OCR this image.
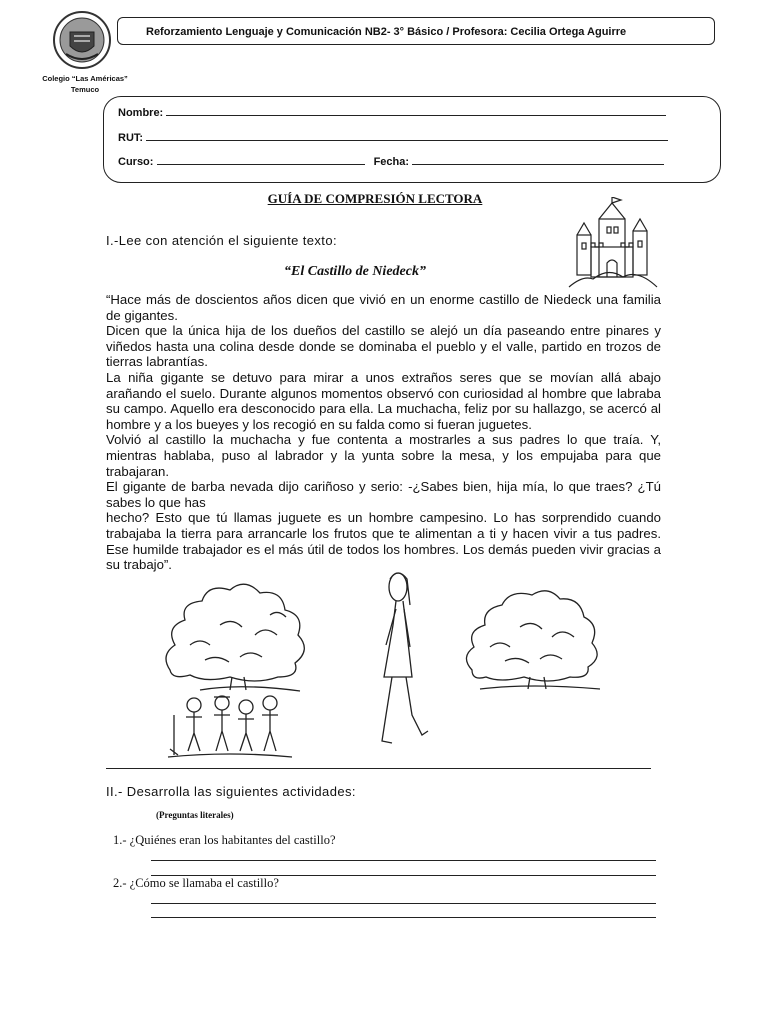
Reforzamiento Lenguaje y Comunicación NB2- 3° Básico / Profesora: Cecilia Ortega Aguirre
Colegio “Las Américas”
Temuco
Nombre:
RUT:
Curso:	Fecha:
GUÍA DE COMPRESIÓN LECTORA
I.-Lee con atención el siguiente texto:
“El Castillo de Niedeck”

“Hace más de doscientos años dicen que vivió en un enorme castillo de Niedeck una familia de gigantes.

Dicen que la única hija de los dueños del castillo se alejó un día paseando entre pinares y viñedos hasta una colina desde donde se dominaba el pueblo y el valle, partido en trozos de tierras labrantías.

La niña gigante se detuvo para mirar a unos extraños seres que se movían allá abajo arañando el suelo. Durante algunos momentos observó con curiosidad al hombre que labraba su campo. Aquello era desconocido para ella. La muchacha, feliz por su hallazgo, se acercó al hombre y a los bueyes y los recogió en su falda como si fueran juguetes.

Volvió al castillo la muchacha y fue contenta a mostrarles a sus padres lo que traía. Y, mientras hablaba, puso al labrador y la yunta sobre la mesa, y los empujaba para que trabajaran.

El gigante de barba nevada dijo cariñoso y serio: -¿Sabes bien, hija mía, lo que traes? ¿Tú sabes lo que has

hecho? Esto que tú llamas juguete es un hombre campesino. Lo has sorprendido cuando trabajaba la tierra para arrancarle los frutos que te alimentan a ti y hacen vivir a tus padres. Ese humilde trabajador es el más útil de todos los hombres. Los demás pueden vivir gracias a su trabajo”.

II.- Desarrolla las siguientes actividades:
(Preguntas literales)
1.- ¿Quiénes eran los habitantes del castillo?
2.- ¿Cómo se llamaba el castillo?
